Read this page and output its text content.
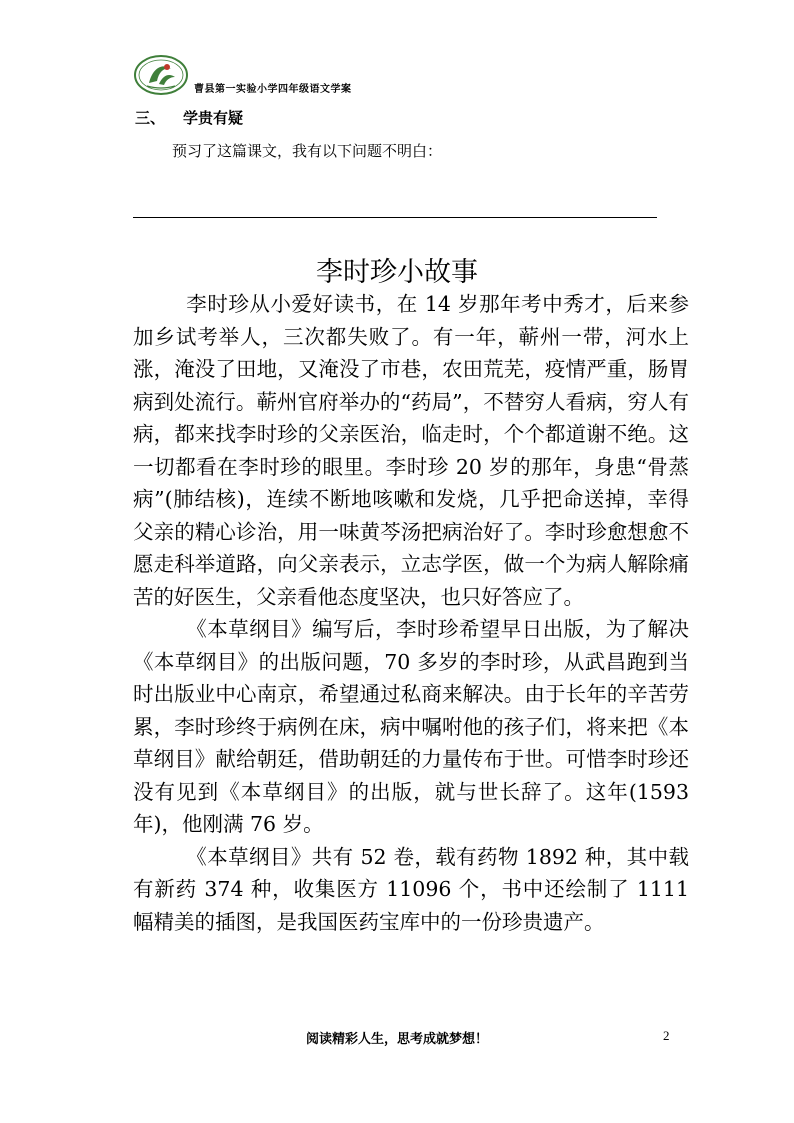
曹县第一实验小学四年级语文学案
三、 学贵有疑
预习了这篇课文，我有以下问题不明白：
李时珍小故事

李时珍从小爱好读书，在 14 岁那年考中秀才，后来参加乡试考举人，三次都失败了。有一年，蕲州一带，河水上涨，淹没了田地，又淹没了市巷，农田荒芜，疫情严重，肠胃病到处流行。蕲州官府举办的“药局”，不替穷人看病，穷人有病，都来找李时珍的父亲医治，临走时，个个都道谢不绝。这一切都看在李时珍的眼里。李时珍 20 岁的那年，身患“骨蒸病”(肺结核)，连续不断地咳嗽和发烧，几乎把命送掉，幸得父亲的精心诊治，用一味黄芩汤把病治好了。李时珍愈想愈不愿走科举道路，向父亲表示，立志学医，做一个为病人解除痛苦的好医生，父亲看他态度坚决，也只好答应了。

《本草纲目》编写后，李时珍希望早日出版，为了解决《本草纲目》的出版问题，70 多岁的李时珍，从武昌跑到当时出版业中心南京，希望通过私商来解决。由于长年的辛苦劳累，李时珍终于病例在床，病中嘱咐他的孩子们，将来把《本草纲目》献给朝廷，借助朝廷的力量传布于世。可惜李时珍还没有见到《本草纲目》的出版，就与世长辞了。这年(1593 年)，他刚满 76 岁。

《本草纲目》共有 52 卷，载有药物 1892 种，其中载有新药 374 种，收集医方 11096 个，书中还绘制了 1111 幅精美的插图，是我国医药宝库中的一份珍贵遗产。

阅读精彩人生，思考成就梦想！	2
